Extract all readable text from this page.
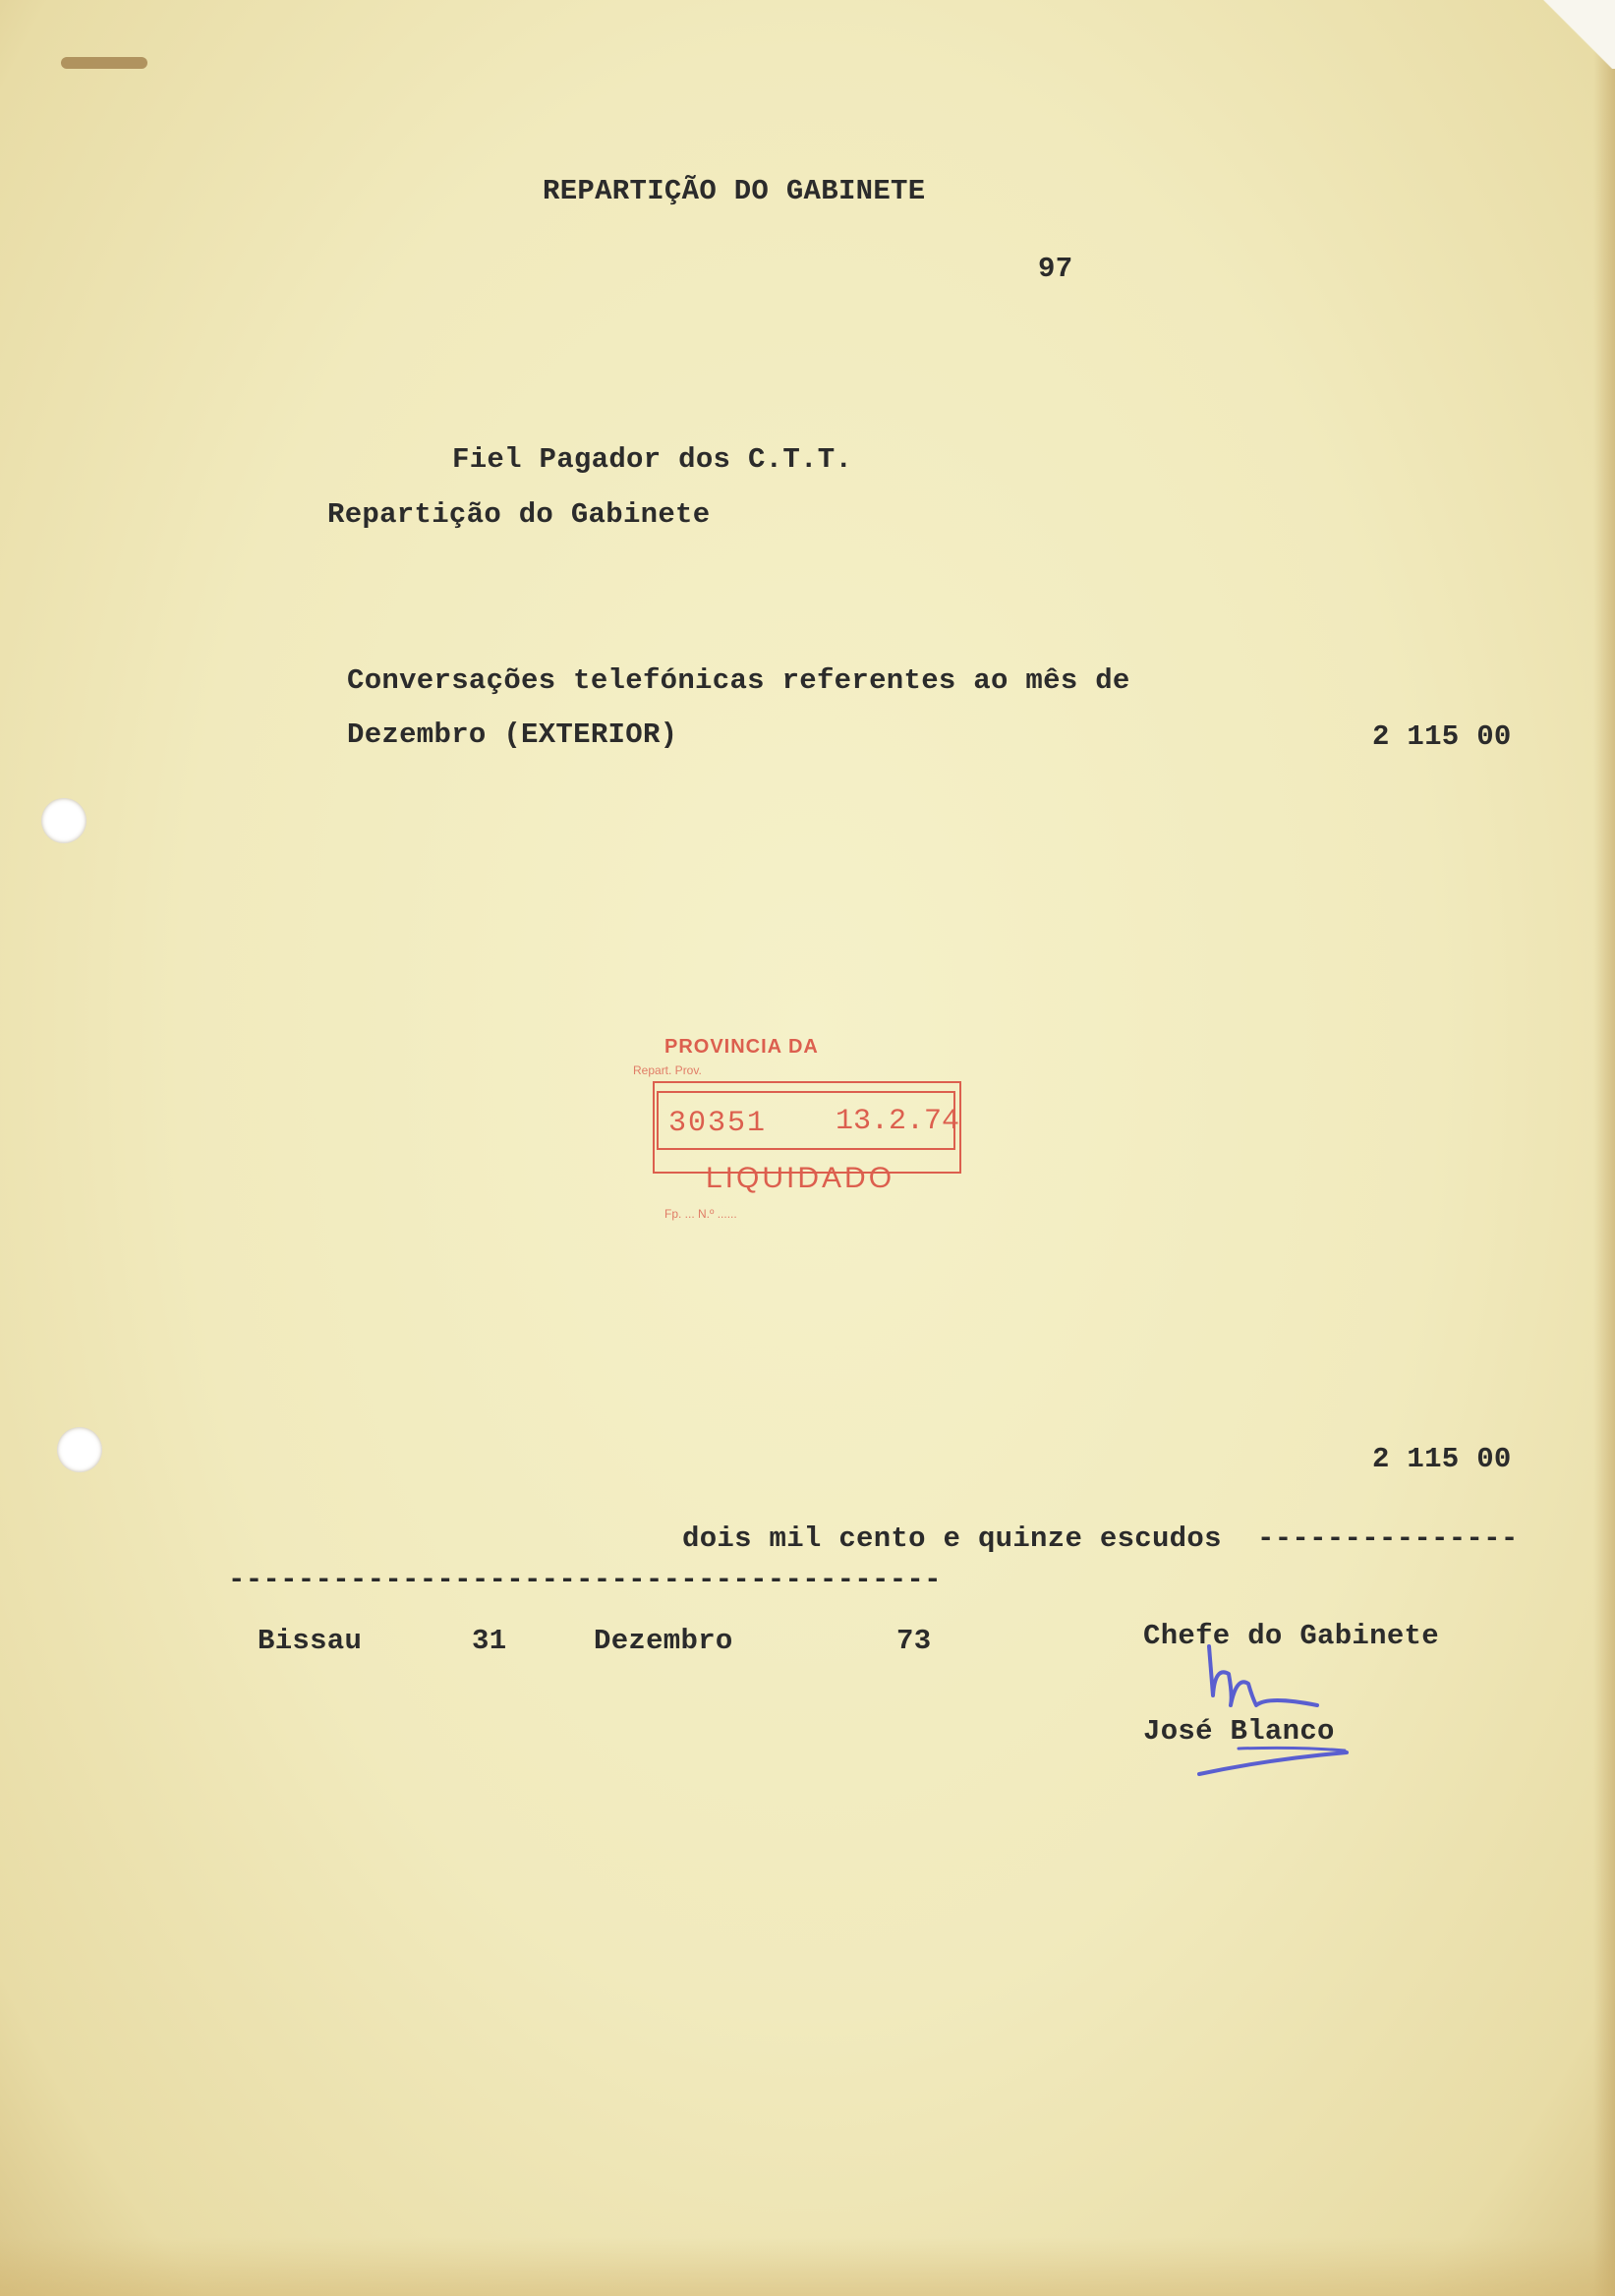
REPARTIÇÃO DO GABINETE
97
Fiel Pagador dos C.T.T.
Repartição do Gabinete
Conversações telefónicas referentes ao mês de
Dezembro (EXTERIOR)	2 115 00
PROVINCIA DA
Repart. Prov.
30351 13.2.74
LIQUIDADO
Fp. ... N.º ......
2 115 00
dois mil cento e quinze escudos ---------------
-----------------------------------------
Bissau	31	Dezembro	73	Chefe do Gabinete
José Blanco
